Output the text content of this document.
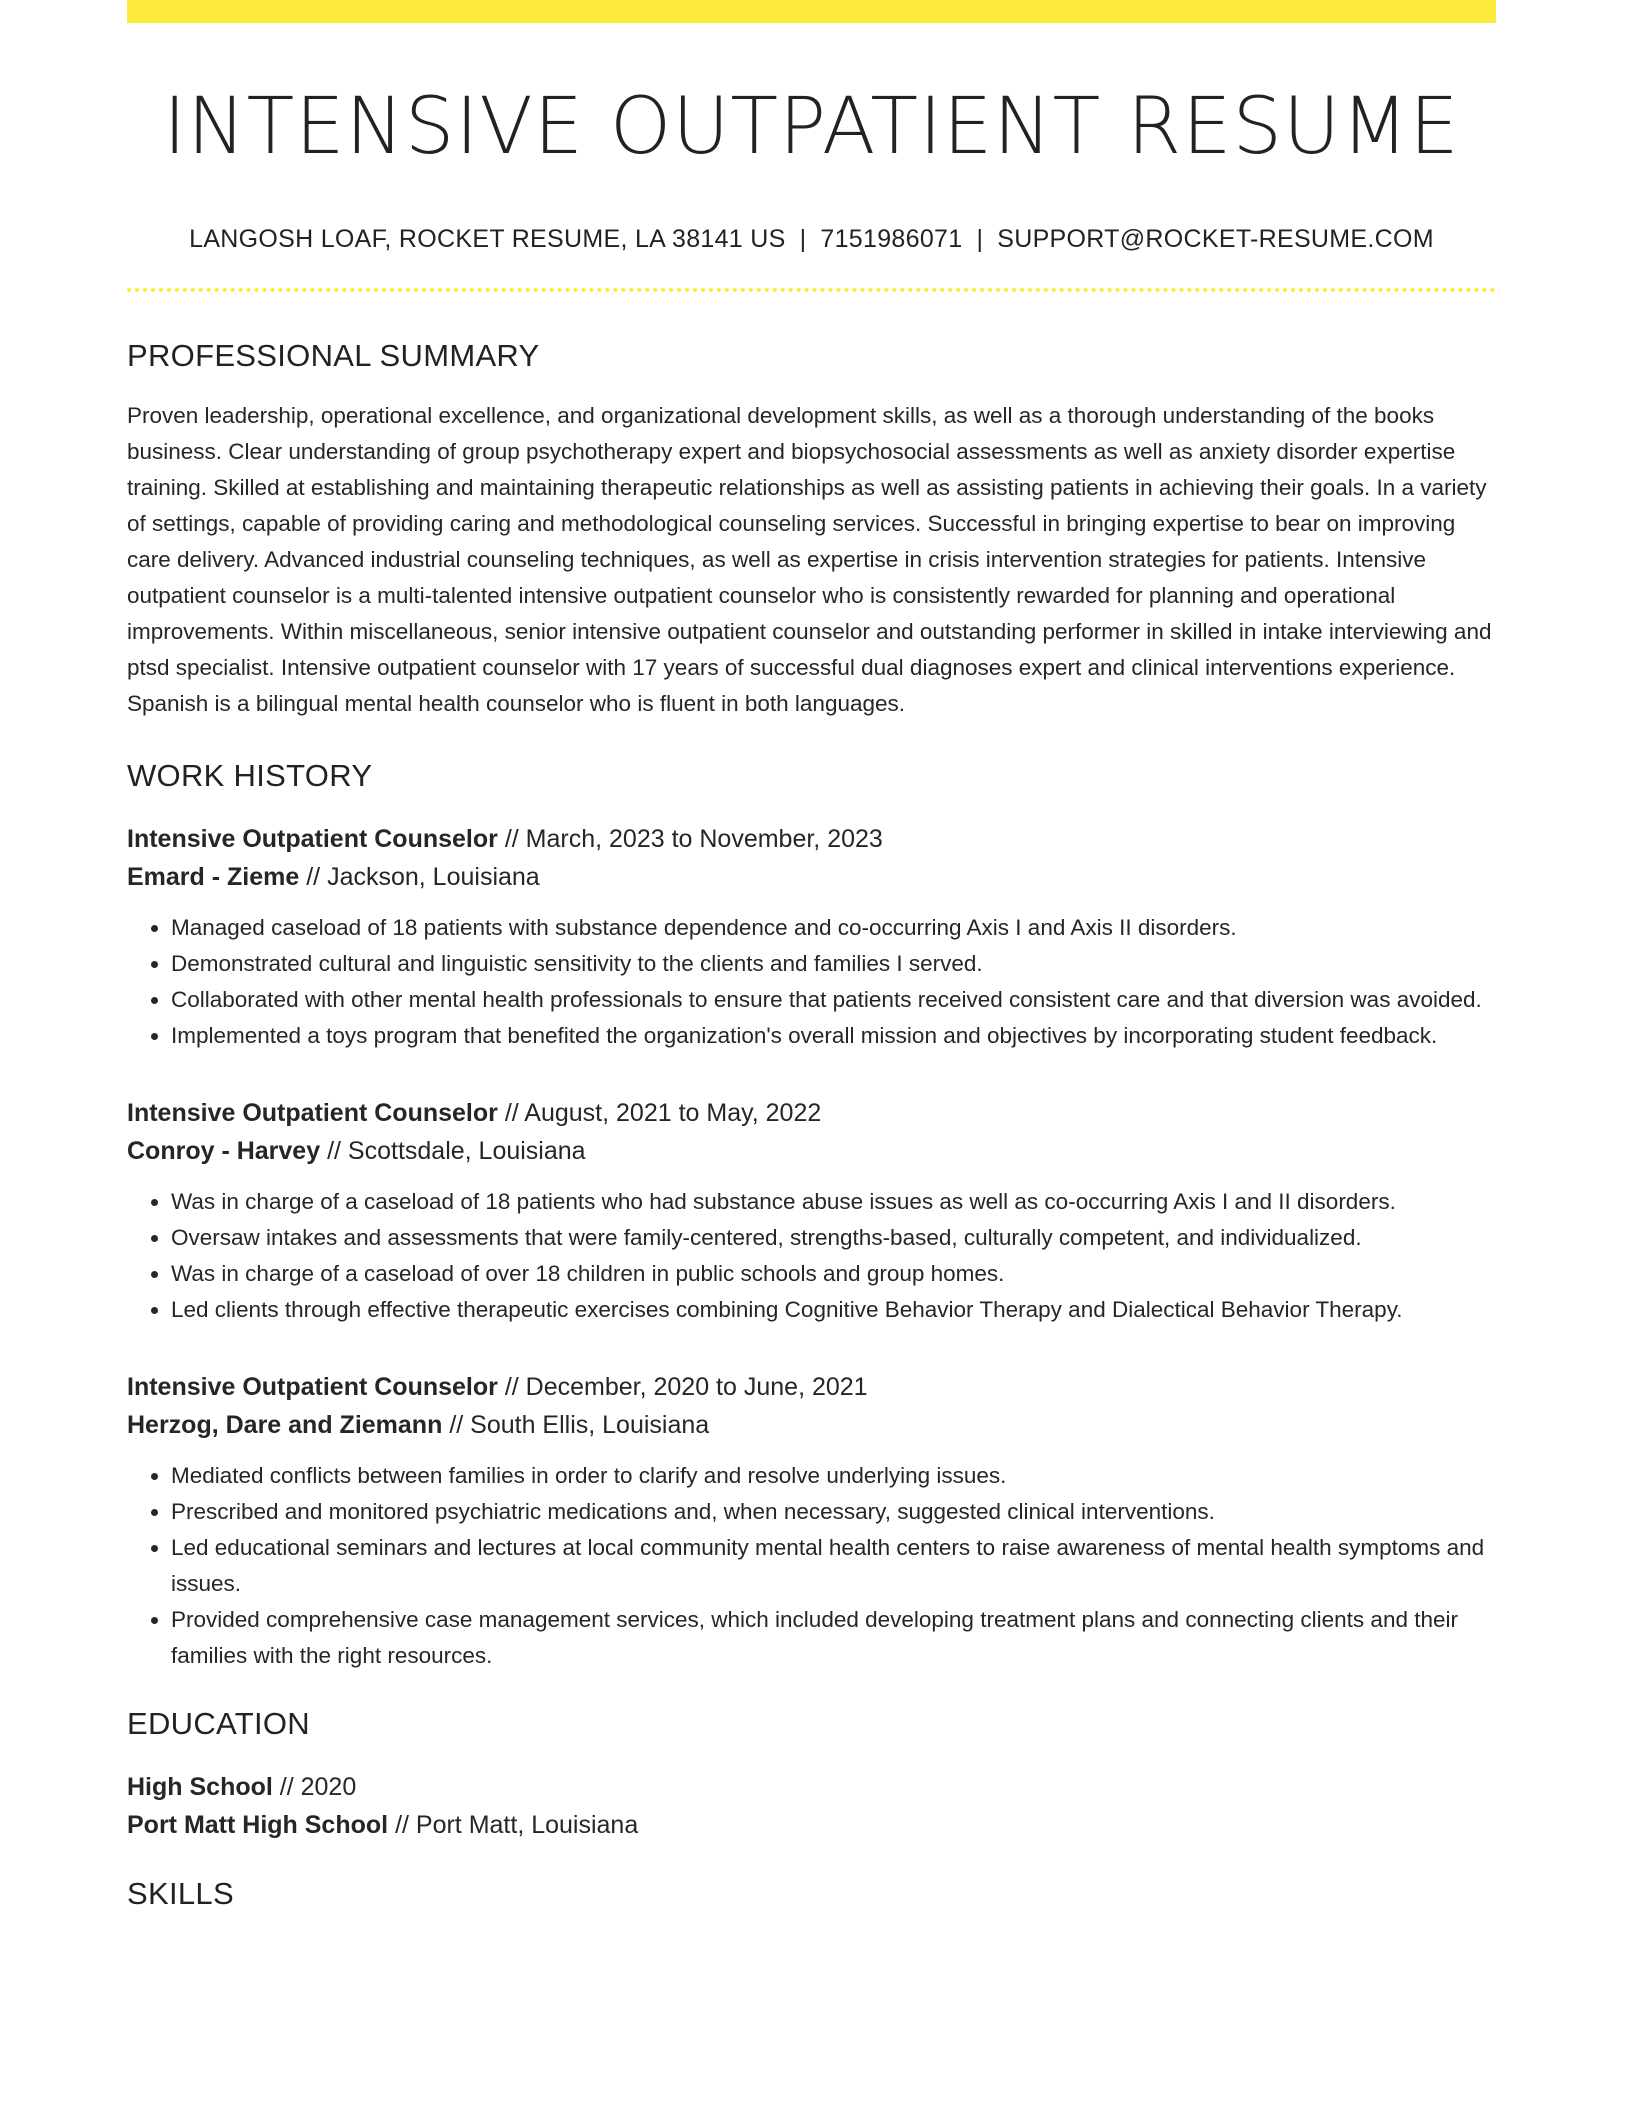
INTENSIVE OUTPATIENT RESUME
LANGOSH LOAF, ROCKET RESUME, LA 38141 US | 7151986071 | SUPPORT@ROCKET-RESUME.COM
PROFESSIONAL SUMMARY
Proven leadership, operational excellence, and organizational development skills, as well as a thorough understanding of the books business. Clear understanding of group psychotherapy expert and biopsychosocial assessments as well as anxiety disorder expertise training. Skilled at establishing and maintaining therapeutic relationships as well as assisting patients in achieving their goals. In a variety of settings, capable of providing caring and methodological counseling services. Successful in bringing expertise to bear on improving care delivery. Advanced industrial counseling techniques, as well as expertise in crisis intervention strategies for patients. Intensive outpatient counselor is a multi-talented intensive outpatient counselor who is consistently rewarded for planning and operational improvements. Within miscellaneous, senior intensive outpatient counselor and outstanding performer in skilled in intake interviewing and ptsd specialist. Intensive outpatient counselor with 17 years of successful dual diagnoses expert and clinical interventions experience. Spanish is a bilingual mental health counselor who is fluent in both languages.
WORK HISTORY
Intensive Outpatient Counselor // March, 2023 to November, 2023
Emard - Zieme // Jackson, Louisiana
• Managed caseload of 18 patients with substance dependence and co-occurring Axis I and Axis II disorders.
• Demonstrated cultural and linguistic sensitivity to the clients and families I served.
• Collaborated with other mental health professionals to ensure that patients received consistent care and that diversion was avoided.
• Implemented a toys program that benefited the organization's overall mission and objectives by incorporating student feedback.
Intensive Outpatient Counselor // August, 2021 to May, 2022
Conroy - Harvey // Scottsdale, Louisiana
• Was in charge of a caseload of 18 patients who had substance abuse issues as well as co-occurring Axis I and II disorders.
• Oversaw intakes and assessments that were family-centered, strengths-based, culturally competent, and individualized.
• Was in charge of a caseload of over 18 children in public schools and group homes.
• Led clients through effective therapeutic exercises combining Cognitive Behavior Therapy and Dialectical Behavior Therapy.
Intensive Outpatient Counselor // December, 2020 to June, 2021
Herzog, Dare and Ziemann // South Ellis, Louisiana
• Mediated conflicts between families in order to clarify and resolve underlying issues.
• Prescribed and monitored psychiatric medications and, when necessary, suggested clinical interventions.
• Led educational seminars and lectures at local community mental health centers to raise awareness of mental health symptoms and issues.
• Provided comprehensive case management services, which included developing treatment plans and connecting clients and their families with the right resources.
EDUCATION
High School // 2020
Port Matt High School // Port Matt, Louisiana
SKILLS
